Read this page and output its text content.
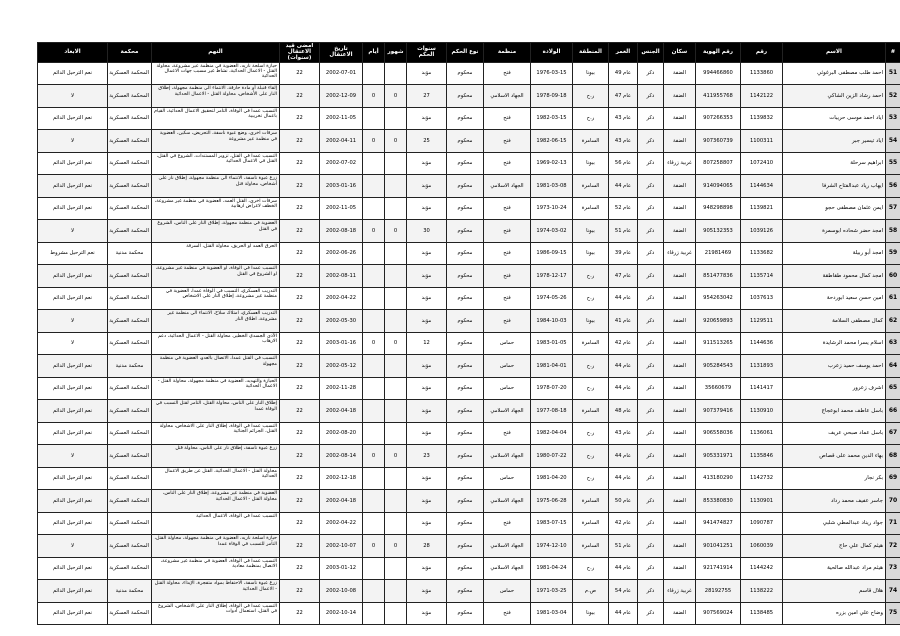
#	الاسم	رقم	رقم الهوية	سكان	الجنس	العمر	المنطقة	الولادة	منظمة	نوع الحكم	سنوات الحكم	شهور	أيام	تاريخ الاعتقال	امضى قيد الاعتقال (سنوات)	التهم	محكمة	الابعاد
51	احمد طلب مصطفى البرغوثي	1133860	994466860	الضفة	ذكر	عام 49	بيونا	1976-03-15	فتح	محكوم	مؤبد			2002-07-01	22	حيازة اسلحة ناريه، العضوية في منظمة عير مشروعة، محاولة القتل - الاعمال الحدائية، نشاط غير مسبب جهات الاعمال الحدائية	المحكمة العسكرية	نعم الترحيل الدائم
52	احمد رشاد الزين الشاكي	1142122	411955768	الضفة	ذكر	عام 47	ر.ح	1978-09-18	الجهاد الاسلامي	محكوم	27	0	0	2002-12-09	22	إلقاء قنبلة أو مادة حارقة، الانتماء الى منظمة مجهولة، إطلاق النار على الأشخاص، محاولة القتل - الاعمال الحدائية	المحكمة العسكرية	لا
53	اياد احمد موسى حريبات	1139832	907266353	الضفة	ذكر	عام 43	ر.ح	1982-03-15	فتح	محكوم	مؤبد			2002-11-05	22	التسبب عمدا في الوفاة، التآمر لتحقيق الاعمال الحدائية، القيام باعمال تخريبية	المحكمة العسكرية	نعم الترحيل الدائم
54	اياد تيسير جبر	1100311	907360739	الضفة	ذكر	عام 43	السامرة	1982-06-15	فتح	محكوم	25	0	0	2002-04-11	22	سرقات اخرى، وضع عبوة ناسفة، التحريض، سكين، العضوية في منظمة عير مشروعة	المحكمة العسكرية	لا
55	ابراهيم سرحلة	1072410	807258807	غربية زرقاء	ذكر	عام 56	بيونا	1969-02-13	فتح	محكوم	مؤبد			2002-07-02	22	التسبب عمدا في القتل، تزوير المستندات، الشروع في القتل، القتل في الاعمال الحدائية	المحكمة العسكرية	نعم الترحيل الدائم
56	ايهاب رياد عبدالفتاح الشرفا	1144634	914094065	الضفة	ذكر	عام 44	السامرة	1981-03-08	الجهاد الاسلامي	محكوم	مؤبد			2003-01-16	22	زرع عبوة ناسفة، الانتماء الى منظمة مجهولة، إطلاق نار على أشخاص، محاولة قتل	المحكمة العسكرية	نعم الترحيل الدائم
57	ايمن عثمان مصطفى حجو	1139821	948298898	الضفة	ذكر	عام 52	السامرة	1973-10-24	فتح	محكوم	مؤبد			2002-11-05	22	سرقات اخرى، القتل العمد، العضوية في منظمة غير مشروعة، الخطف لاغراض ارهابية	المحكمة العسكرية	نعم الترحيل الدائم
58	امجد حضر شحاده ابوسمرة	1039126	905132353	الضفة	ذكر	عام 51	بيونا	1974-03-02	فتح	محكوم	30	0	0	2002-08-18	22	العضوية في منظمة مجهولة، إطلاق النار على الناس، الشروع في القتل	المحكمة العسكرية	لا
59	امجد أبو ربيلة	1133682	21981469	غربية زرقاء	ذكر	عام 39	بيونا	1986-09-15	فتح	محكوم	مؤبد			2002-06-26	22	الحرق العمد او الحريق، محاولة القتل، السرقة	محكمة مدنية	نعم الترحيل مشروط
60	امجد كمال محمود طقاطقة	1135714	851477836	الضفة	ذكر	عام 47	ر.ح	1978-12-17	فتح	محكوم	مؤبد			2002-08-11	22	التسبب عمدا في الوفاة، او العضوية في منظمة غير مشروعة، او الشروع في القتل	المحكمة العسكرية	نعم الترحيل الدائم
61	امين حسن سعيد ابوردحة	1037613	954263042	الضفة	ذكر	عام 44	ر.ح	1974-05-26	فتح	محكوم	مؤبد			2002-04-22	22	التدريب العسكري، التسبب في الوفاة عمدا، العضوية في منظمة غير مشروعة، إطلاق النار على الاشخاص	المحكمة العسكرية	نعم الترحيل الدائم
62	كمال مصطفى السلامة	1129511	920659893	الضفة	ذكر	عام 41	بيونا	1984-10-03	فتح	محكوم	مؤبد			2002-05-30	22	التدريب العسكري، امتلاك سلاح، الانتماء الى منظمة غير مشروعة، اطلاق النار	المحكمة العسكرية	لا
63	اسلام يسرا محمد الرشايدة	1144636	911513265	الضفة	ذكر	عام 42	السامرة	1983-01-05	حماس	محكوم	12	0	0	2003-01-16	22	الأذى الجسدي الخطير، محاولة القتل - الاعمال الحدائية، دعم الارهاب	المحكمة العسكرية	لا
64	احمد يوسف حميد زعرب	1131893	905284543	الضفة	ذكر	عام 44	ر.ح	1981-04-01	حماس	محكوم	مؤبد			2002-05-12	22	التسبب في القتل عمدا، الاتصال بالعدو، العضوية في منظمة مجهولة	محكمة مدنية	نعم الترحيل الدائم
65	اشرف زعرور	1141417	35660679	الضفة	ذكر	عام 44	ر.ح	1978-07-20	حماس	محكوم	مؤبد			2002-11-28	22	الحيازة والتهديد، العضوية في منظمة مجهولة، محاولة القتل - الاعمال الحدائية	المحكمة العسكرية	نعم الترحيل الدائم
66	باسل عاطف محمد ابوعجاج	1130910	907379416	الضفة	ذكر	عام 48	السامرة	1977-08-18	الجهاد الاسلامي	محكوم	مؤبد			2002-04-18	22	إطلاق النار على الناس، محاولة القتل، التآمر لقتل التسبب في الوفاة عمدا	المحكمة العسكرية	نعم الترحيل الدائم
67	باسل عماد صبحي عريف	1136061	906558036	الضفة	ذكر	عام 43	ر.ح	1982-04-04	فتح	محكوم	مؤبد			2002-08-20	22	التسبب عمدا في الوفاة، إطلاق النار على الاشخاص، محاولة القتل، الجرائم الجنائية	المحكمة العسكرية	نعم الترحيل الدائم
68	بهاء الدين محمد على قصاص	1135846	905331971	الضفة	ذكر	عام 44	ر.ح	1980-07-22	الجهاد الاسلامي	محكوم	23	0	0	2002-08-14	22	زرع عبوة ناسفة، إطلاق نار على الناس، محاولة قتل	المحكمة العسكرية	لا
69	بكر نجار	1142732	413180290	الضفة	ذكر	عام 44	ر.ح	1981-04-20	حماس	محكوم	مؤبد			2002-12-18	22	محاولة القتل - الاعمال الحدائية، القتل عن طريق الاعمال الحدائية	المحكمة العسكرية	نعم الترحيل الدائم
70	جاسر عفيف محمد رداد	1130901	853380830	الضفة	ذكر	عام 50	السامرة	1975-06-28	الجهاد الاسلامي	محكوم	مؤبد			2002-04-18	22	العضوية في منظمة غير مشروعة، إطلاق النار على الناس، محاولة القتل - الاعمال الحدائية	المحكمة العسكرية	نعم الترحيل الدائم
71	جواد ريناد عبدالمطي شلبي	1090787	941474827	الضفة	ذكر	عام 42	السامرة	1983-07-15	فتح	محكوم	مؤبد			2002-04-22	22	التسبب عمدا في الوفاة، الاعمال الحدائية	المحكمة العسكرية	نعم الترحيل الدائم
72	هيثم كمال علي حاج	1060039	901041251	الضفة	ذكر	عام 51	السامرة	1974-12-10	الجهاد الاسلامي	محكوم	28	0	0	2002-10-07	22	حيازة اسلحة ناريه، العضوية في منظمة مجهولة، محاولة القتل، التآمر للتسبب في الوفاة عمدا	المحكمة العسكرية	لا
73	هيثم مراد عبدالله صالحية	1144242	921741914	الضفة	ذكر	عام 44	ر.ح	1981-04-24	الجهاد الاسلامي	محكوم	مؤبد			2003-01-12	22	التسبب عمدا في الوفاة، العضوية في منظمة غير مشروعة، الاتصال بمنظمة معادية	المحكمة العسكرية	نعم الترحيل الدائم
74	هلال قاسم	1138222	28192755	غربية زرقاء	ذكر	عام 54	ص.م	1971-03-25	حماس	محكوم	مؤبد			2002-10-08	22	زرع عبوة ناسفة، الاحتفاظ بمواد متفجرة، الإيذاء، محاولة القتل - الاعمال الحدائية	محكمة مدنية	نعم الترحيل الدائم
75	وضاح علي امين بزره	1138485	907569024	الضفة	ذكر	عام 44	بيونا	1981-03-04	فتح	محكوم	مؤبد			2002-10-14	22	التسبب عمدا في الوفاة، إطلاق النار على الاشخاص، الشروع في القتل، استعمال أدوات	المحكمة العسكرية	نعم الترحيل الدائم
